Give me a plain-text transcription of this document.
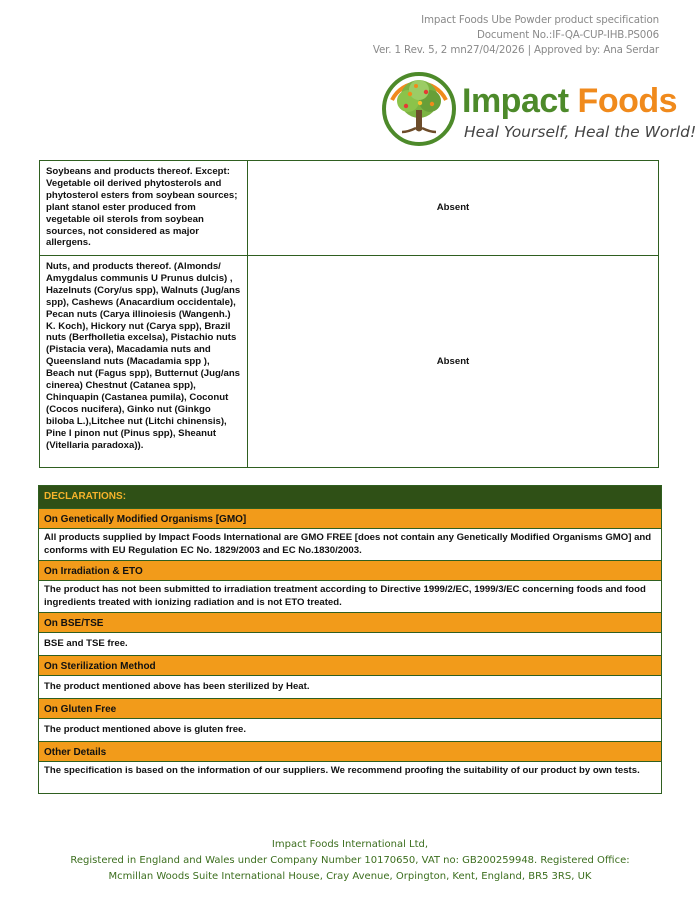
Impact Foods Ube Powder product specification
Document No.:IF-QA-CUP-IHB.PS006
Ver. 1 Rev. 5, 2 mn27/04/2026 | Approved by: Ana Serdar
Impact Foods
Heal Yourself, Heal the World!
Soybeans and products thereof. Except: Vegetable oil derived phytosterols and phytosterol esters from soybean sources; plant stanol ester produced from vegetable oil sterols from soybean sources, not considered as major allergens.	Absent
Nuts, and products thereof. (Almonds/ Amygdalus communis U Prunus dulcis) , Hazelnuts (Cory/us spp), Walnuts (Jug/ans spp), Cashews (Anacardium occidentale), Pecan nuts (Carya illinoiesis (Wangenh.) K. Koch), Hickory nut (Carya spp), Brazil nuts (Berfholletia excelsa), Pistachio nuts (Pistacia vera), Macadamia nuts and Queensland nuts (Macadamia spp ), Beach nut (Fagus spp), Butternut (Jug/ans cinerea) Chestnut (Catanea spp), Chinquapin (Castanea pumila), Coconut (Cocos nucifera), Ginko nut (Ginkgo biloba L.),Litchee nut (Litchi chinensis), Pine I pinon nut (Pinus spp), Sheanut (Vitellaria paradoxa)).	Absent
DECLARATIONS:
On Genetically Modified Organisms [GMO]
All products supplied by Impact Foods International are GMO FREE [does not contain any Genetically Modified Organisms GMO] and conforms with EU Regulation EC No. 1829/2003 and EC No.1830/2003.
On Irradiation & ETO
The product has not been submitted to irradiation treatment according to Directive 1999/2/EC, 1999/3/EC concerning foods and food ingredients treated with ionizing radiation and is not ETO treated.
On BSE/TSE
BSE and TSE free.
On Sterilization Method
The product mentioned above has been sterilized by Heat.
On Gluten Free
The product mentioned above is gluten free.
Other Details
The specification is based on the information of our suppliers. We recommend proofing the suitability of our product by own tests.
Impact Foods International Ltd,
Registered in England and Wales under Company Number 10170650, VAT no: GB200259948. Registered Office:
Mcmillan Woods Suite International House, Cray Avenue, Orpington, Kent, England, BR5 3RS, UK
